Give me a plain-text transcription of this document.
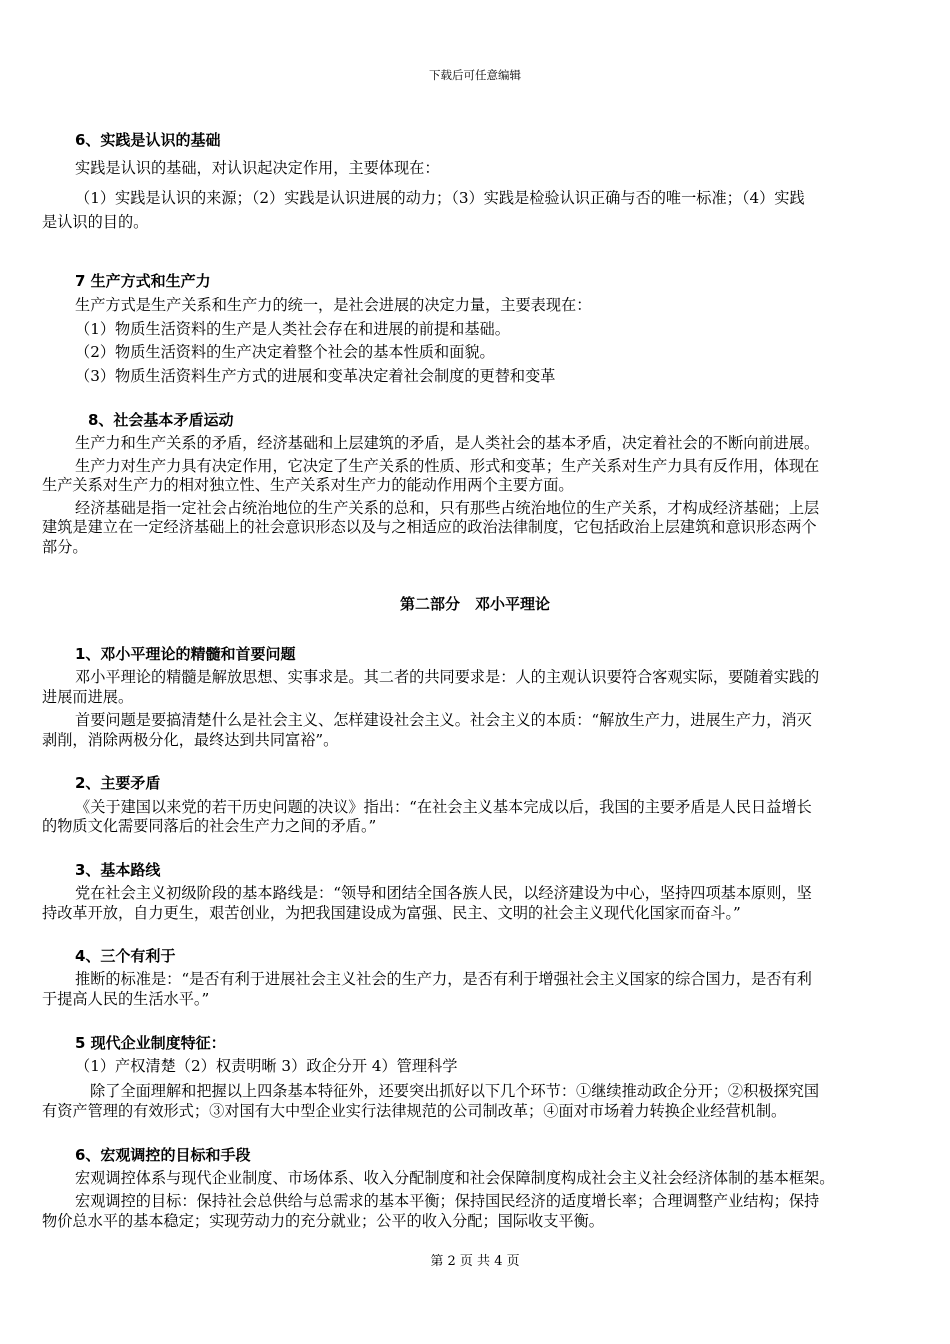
下载后可任意编辑
6、实践是认识的基础
实践是认识的基础，对认识起决定作用，主要体现在：
（1）实践是认识的来源；（2）实践是认识进展的动力；（3）实践是检验认识正确与否的唯一标准；（4）实践
是认识的目的。
7 生产方式和生产力
生产方式是生产关系和生产力的统一，是社会进展的决定力量，主要表现在：
（1）物质生活资料的生产是人类社会存在和进展的前提和基础。
（2）物质生活资料的生产决定着整个社会的基本性质和面貌。
（3）物质生活资料生产方式的进展和变革决定着社会制度的更替和变革
8、社会基本矛盾运动
生产力和生产关系的矛盾，经济基础和上层建筑的矛盾，是人类社会的基本矛盾，决定着社会的不断向前进展。
生产力对生产力具有决定作用，它决定了生产关系的性质、形式和变革；生产关系对生产力具有反作用，体现在
生产关系对生产力的相对独立性、生产关系对生产力的能动作用两个主要方面。
经济基础是指一定社会占统治地位的生产关系的总和，只有那些占统治地位的生产关系，才构成经济基础；上层
建筑是建立在一定经济基础上的社会意识形态以及与之相适应的政治法律制度，它包括政治上层建筑和意识形态两个
部分。
第二部分　邓小平理论
1、邓小平理论的精髓和首要问题
邓小平理论的精髓是解放思想、实事求是。其二者的共同要求是：人的主观认识要符合客观实际，要随着实践的
进展而进展。
首要问题是要搞清楚什么是社会主义、怎样建设社会主义。社会主义的本质：“解放生产力，进展生产力，消灭
剥削，消除两极分化，最终达到共同富裕”。
2、主要矛盾
《关于建国以来党的若干历史问题的决议》指出：“在社会主义基本完成以后，我国的主要矛盾是人民日益增长
的物质文化需要同落后的社会生产力之间的矛盾。”
3、基本路线
党在社会主义初级阶段的基本路线是：“领导和团结全国各族人民，以经济建设为中心，坚持四项基本原则，坚
持改革开放，自力更生，艰苦创业，为把我国建设成为富强、民主、文明的社会主义现代化国家而奋斗。”
4、三个有利于
推断的标准是：“是否有利于进展社会主义社会的生产力，是否有利于增强社会主义国家的综合国力，是否有利
于提高人民的生活水平。”
5 现代企业制度特征：
（1）产权清楚（2）权责明晰 3）政企分开 4）管理科学
除了全面理解和把握以上四条基本特征外，还要突出抓好以下几个环节：①继续推动政企分开；②积极探究国
有资产管理的有效形式；③对国有大中型企业实行法律规范的公司制改革；④面对市场着力转换企业经营机制。
6、宏观调控的目标和手段
宏观调控体系与现代企业制度、市场体系、收入分配制度和社会保障制度构成社会主义社会经济体制的基本框架。
宏观调控的目标：保持社会总供给与总需求的基本平衡；保持国民经济的适度增长率；合理调整产业结构；保持
物价总水平的基本稳定；实现劳动力的充分就业；公平的收入分配；国际收支平衡。
第 2 页 共 4 页
